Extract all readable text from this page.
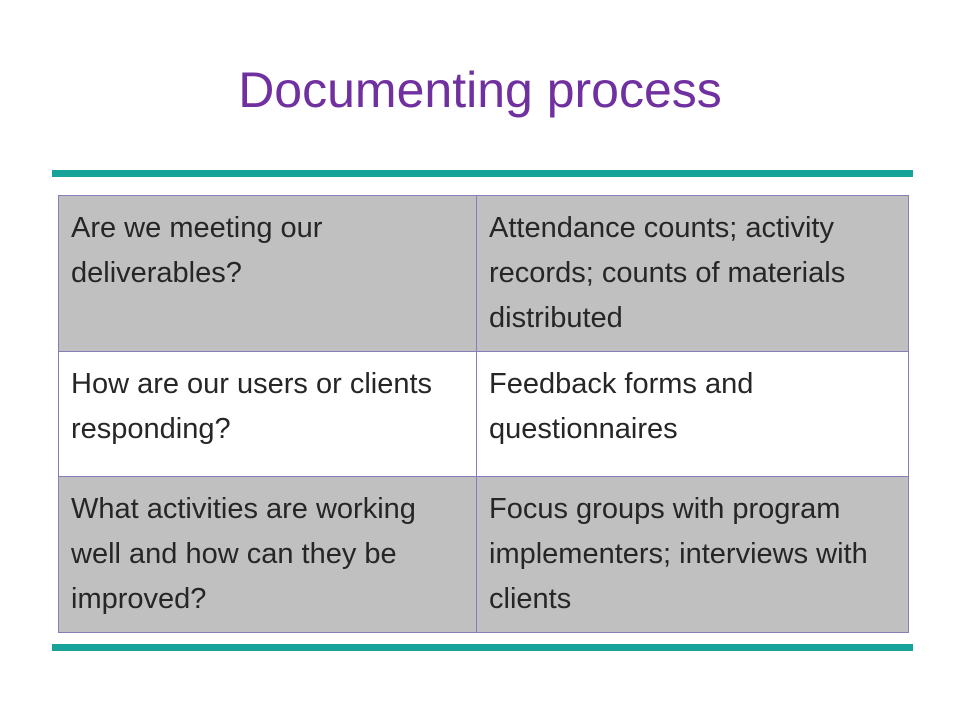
Documenting process
Are we meeting our deliverables?	Attendance counts; activity records; counts of materials distributed
How are our users or clients responding?	Feedback forms and questionnaires
What activities are working well and how can they be improved?	Focus groups with program implementers; interviews with clients
